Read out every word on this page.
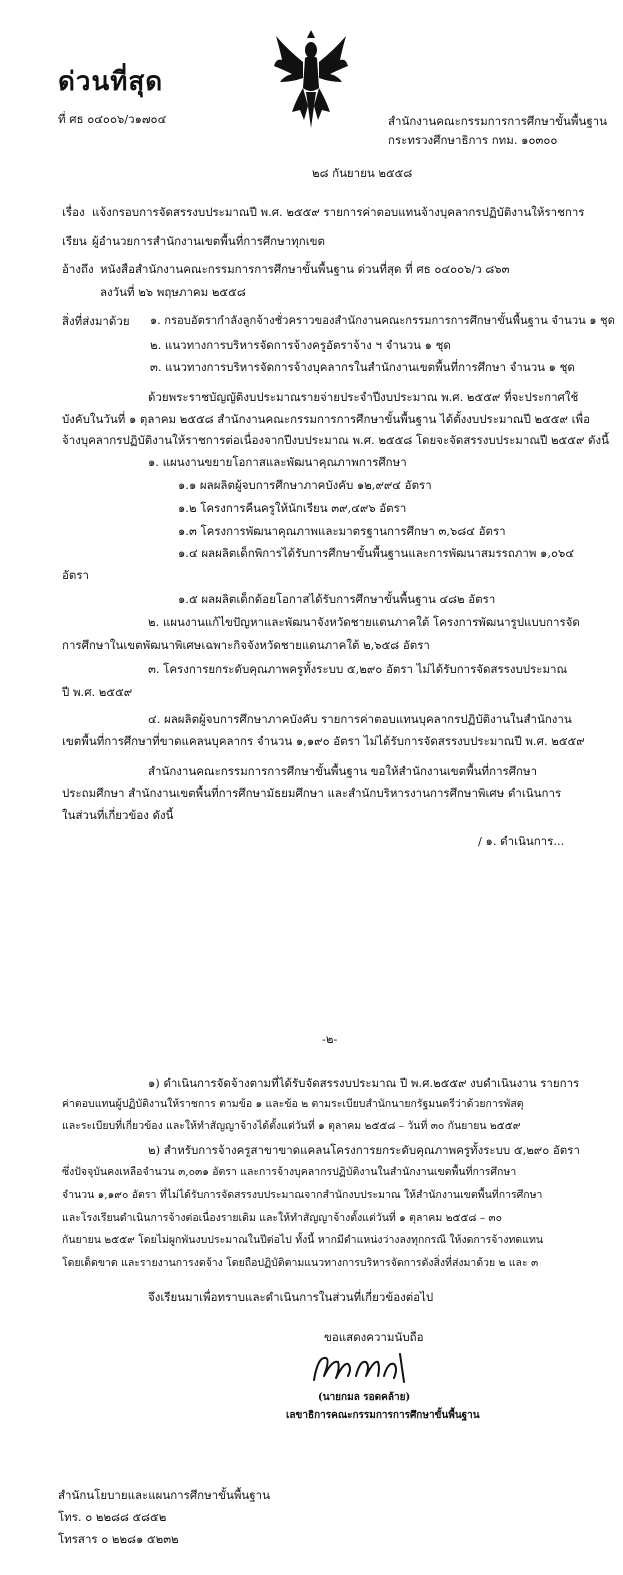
ด่วนที่สุด
ที่ ศธ ๐๔๐๐๖/ว๑๗๐๔	สำนักงานคณะกรรมการการศึกษาขั้นพื้นฐาน
กระทรวงศึกษาธิการ กทม. ๑๐๓๐๐
๒๘ กันยายน ๒๕๕๘
เรื่อง แจ้งกรอบการจัดสรรงบประมาณปี พ.ศ. ๒๕๕๙ รายการค่าตอบแทนจ้างบุคลากรปฏิบัติงานให้ราชการ
เรียน ผู้อำนวยการสำนักงานเขตพื้นที่การศึกษาทุกเขต
อ้างถึง หนังสือสำนักงานคณะกรรมการการศึกษาขั้นพื้นฐาน ด่วนที่สุด ที่ ศธ ๐๔๐๐๖/ว ๘๖๓
ลงวันที่ ๒๖ พฤษภาคม ๒๕๕๘
สิ่งที่ส่งมาด้วย ๑. กรอบอัตรากำลังลูกจ้างชั่วคราวของสำนักงานคณะกรรมการการศึกษาขั้นพื้นฐาน จำนวน ๑ ชุด
๒. แนวทางการบริหารจัดการจ้างครูอัตราจ้าง ฯ จำนวน ๑ ชุด
๓. แนวทางการบริหารจัดการจ้างบุคลากรในสำนักงานเขตพื้นที่การศึกษา จำนวน ๑ ชุด
ด้วยพระราชบัญญัติงบประมาณรายจ่ายประจำปีงบประมาณ พ.ศ. ๒๕๕๙ ที่จะประกาศใช้
บังคับในวันที่ ๑ ตุลาคม ๒๕๕๘ สำนักงานคณะกรรมการการศึกษาขั้นพื้นฐาน ได้ตั้งงบประมาณปี ๒๕๕๙ เพื่อ
จ้างบุคลากรปฏิบัติงานให้ราชการต่อเนื่องจากปีงบประมาณ พ.ศ. ๒๕๕๘ โดยจะจัดสรรงบประมาณปี ๒๕๕๙ ดังนี้
๑. แผนงานขยายโอกาสและพัฒนาคุณภาพการศึกษา
๑.๑ ผลผลิตผู้จบการศึกษาภาคบังคับ ๑๒,๙๙๔ อัตรา
๑.๒ โครงการคืนครูให้นักเรียน ๓๙,๔๙๖ อัตรา
๑.๓ โครงการพัฒนาคุณภาพและมาตรฐานการศึกษา ๓,๖๘๔ อัตรา
๑.๔ ผลผลิตเด็กพิการได้รับการศึกษาขั้นพื้นฐานและการพัฒนาสมรรถภาพ ๑,๐๖๔
อัตรา
๑.๕ ผลผลิตเด็กด้อยโอกาสได้รับการศึกษาขั้นพื้นฐาน ๔๘๒ อัตรา
๒. แผนงานแก้ไขปัญหาและพัฒนาจังหวัดชายแดนภาคใต้ โครงการพัฒนารูปแบบการจัด
การศึกษาในเขตพัฒนาพิเศษเฉพาะกิจจังหวัดชายแดนภาคใต้ ๒,๖๕๘ อัตรา
๓. โครงการยกระดับคุณภาพครูทั้งระบบ ๕,๒๙๐ อัตรา ไม่ได้รับการจัดสรรงบประมาณ
ปี พ.ศ. ๒๕๕๙
๔. ผลผลิตผู้จบการศึกษาภาคบังคับ รายการค่าตอบแทนบุคลากรปฏิบัติงานในสำนักงาน
เขตพื้นที่การศึกษาที่ขาดแคลนบุคลากร จำนวน ๑,๑๙๐ อัตรา ไม่ได้รับการจัดสรรงบประมาณปี พ.ศ. ๒๕๕๙
สำนักงานคณะกรรมการการศึกษาขั้นพื้นฐาน ขอให้สำนักงานเขตพื้นที่การศึกษา
ประถมศึกษา สำนักงานเขตพื้นที่การศึกษามัธยมศึกษา และสำนักบริหารงานการศึกษาพิเศษ ดำเนินการ
ในส่วนที่เกี่ยวข้อง ดังนี้
/ ๑. ดำเนินการ...
-๒-
๑) ดำเนินการจัดจ้างตามที่ได้รับจัดสรรงบประมาณ ปี พ.ศ.๒๕๕๙ งบดำเนินงาน รายการ
ค่าตอบแทนผู้ปฏิบัติงานให้ราชการ ตามข้อ ๑ และข้อ ๒ ตามระเบียบสำนักนายกรัฐมนตรีว่าด้วยการพัสดุ
และระเบียบที่เกี่ยวข้อง และให้ทำสัญญาจ้างได้ตั้งแต่วันที่ ๑ ตุลาคม ๒๕๕๘ – วันที่ ๓๐ กันยายน ๒๕๕๙
๒) สำหรับการจ้างครูสาขาขาดแคลนโครงการยกระดับคุณภาพครูทั้งระบบ ๕,๒๙๐ อัตรา
ซึ่งปัจจุบันคงเหลือจำนวน ๓,๐๓๑ อัตรา และการจ้างบุคลากรปฏิบัติงานในสำนักงานเขตพื้นที่การศึกษา
จำนวน ๑,๑๙๐ อัตรา ที่ไม่ได้รับการจัดสรรงบประมาณจากสำนักงบประมาณ ให้สำนักงานเขตพื้นที่การศึกษา
และโรงเรียนดำเนินการจ้างต่อเนื่องรายเดิม และให้ทำสัญญาจ้างตั้งแต่วันที่ ๑ ตุลาคม ๒๕๕๘ – ๓๐
กันยายน ๒๕๕๙ โดยไม่ผูกพันงบประมาณในปีต่อไป ทั้งนี้ หากมีตำแหน่งว่างลงทุกกรณี ให้งดการจ้างทดแทน
โดยเด็ดขาด และรายงานการงดจ้าง โดยถือปฏิบัติตามแนวทางการบริหารจัดการดังสิ่งที่ส่งมาด้วย ๒ และ ๓
จึงเรียนมาเพื่อทราบและดำเนินการในส่วนที่เกี่ยวข้องต่อไป
ขอแสดงความนับถือ
(นายกมล รอดคล้าย)
เลขาธิการคณะกรรมการการศึกษาขั้นพื้นฐาน
สำนักนโยบายและแผนการศึกษาขั้นพื้นฐาน
โทร. ๐ ๒๒๘๘ ๕๘๕๒
โทรสาร ๐ ๒๒๘๑ ๕๒๓๒
